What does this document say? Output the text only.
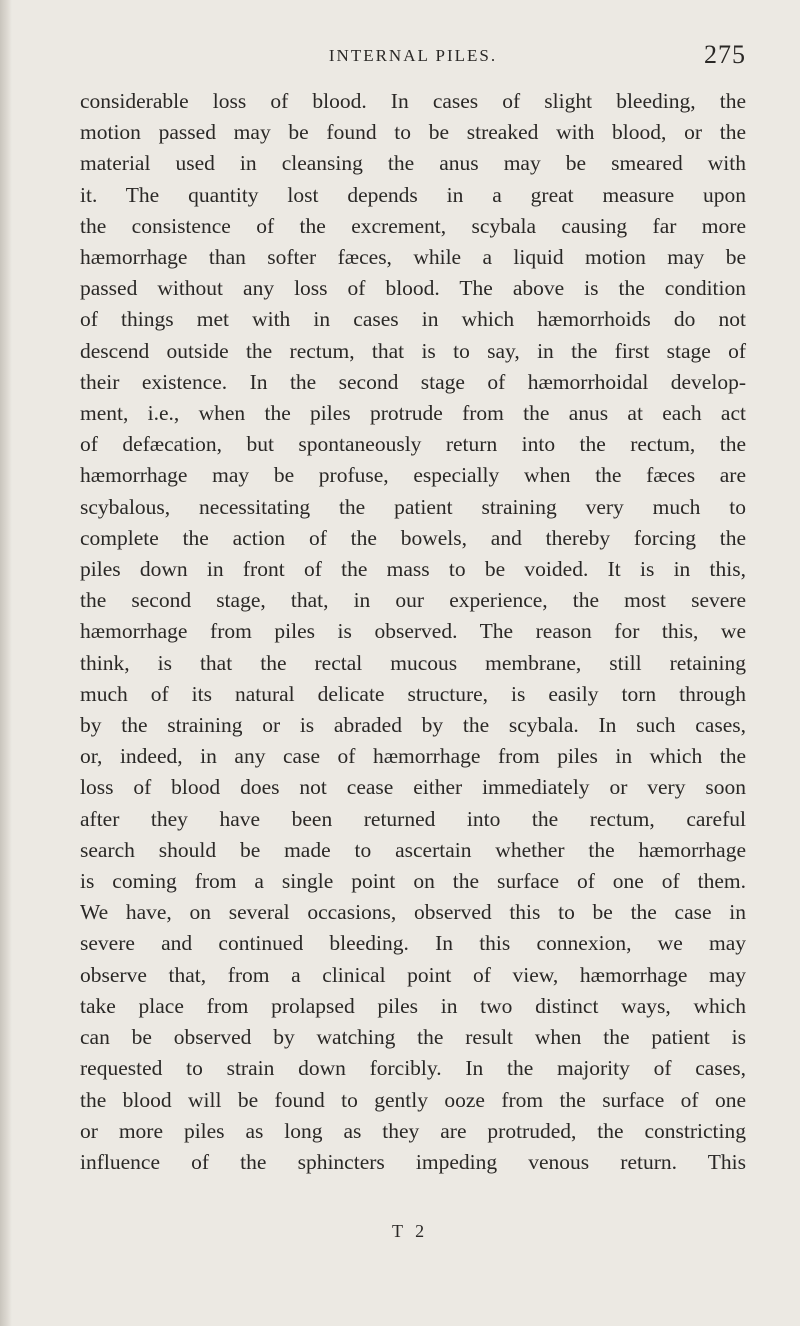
INTERNAL PILES.	275
considerable loss of blood. In cases of slight bleeding, the
motion passed may be found to be streaked with blood, or the
material used in cleansing the anus may be smeared with
it. The quantity lost depends in a great measure upon
the consistence of the excrement, scybala causing far more
hæmorrhage than softer fæces, while a liquid motion may be
passed without any loss of blood. The above is the condition
of things met with in cases in which hæmorrhoids do not
descend outside the rectum, that is to say, in the first stage of
their existence. In the second stage of hæmorrhoidal develop-
ment, i.e., when the piles protrude from the anus at each act
of defæcation, but spontaneously return into the rectum, the
hæmorrhage may be profuse, especially when the fæces are
scybalous, necessitating the patient straining very much to
complete the action of the bowels, and thereby forcing the
piles down in front of the mass to be voided. It is in this,
the second stage, that, in our experience, the most severe
hæmorrhage from piles is observed. The reason for this, we
think, is that the rectal mucous membrane, still retaining
much of its natural delicate structure, is easily torn through
by the straining or is abraded by the scybala. In such cases,
or, indeed, in any case of hæmorrhage from piles in which the
loss of blood does not cease either immediately or very soon
after they have been returned into the rectum, careful
search should be made to ascertain whether the hæmorrhage
is coming from a single point on the surface of one of them.
We have, on several occasions, observed this to be the case in
severe and continued bleeding. In this connexion, we may
observe that, from a clinical point of view, hæmorrhage may
take place from prolapsed piles in two distinct ways, which
can be observed by watching the result when the patient is
requested to strain down forcibly. In the majority of cases,
the blood will be found to gently ooze from the surface of one
or more piles as long as they are protruded, the constricting
influence of the sphincters impeding venous return. This
T 2
